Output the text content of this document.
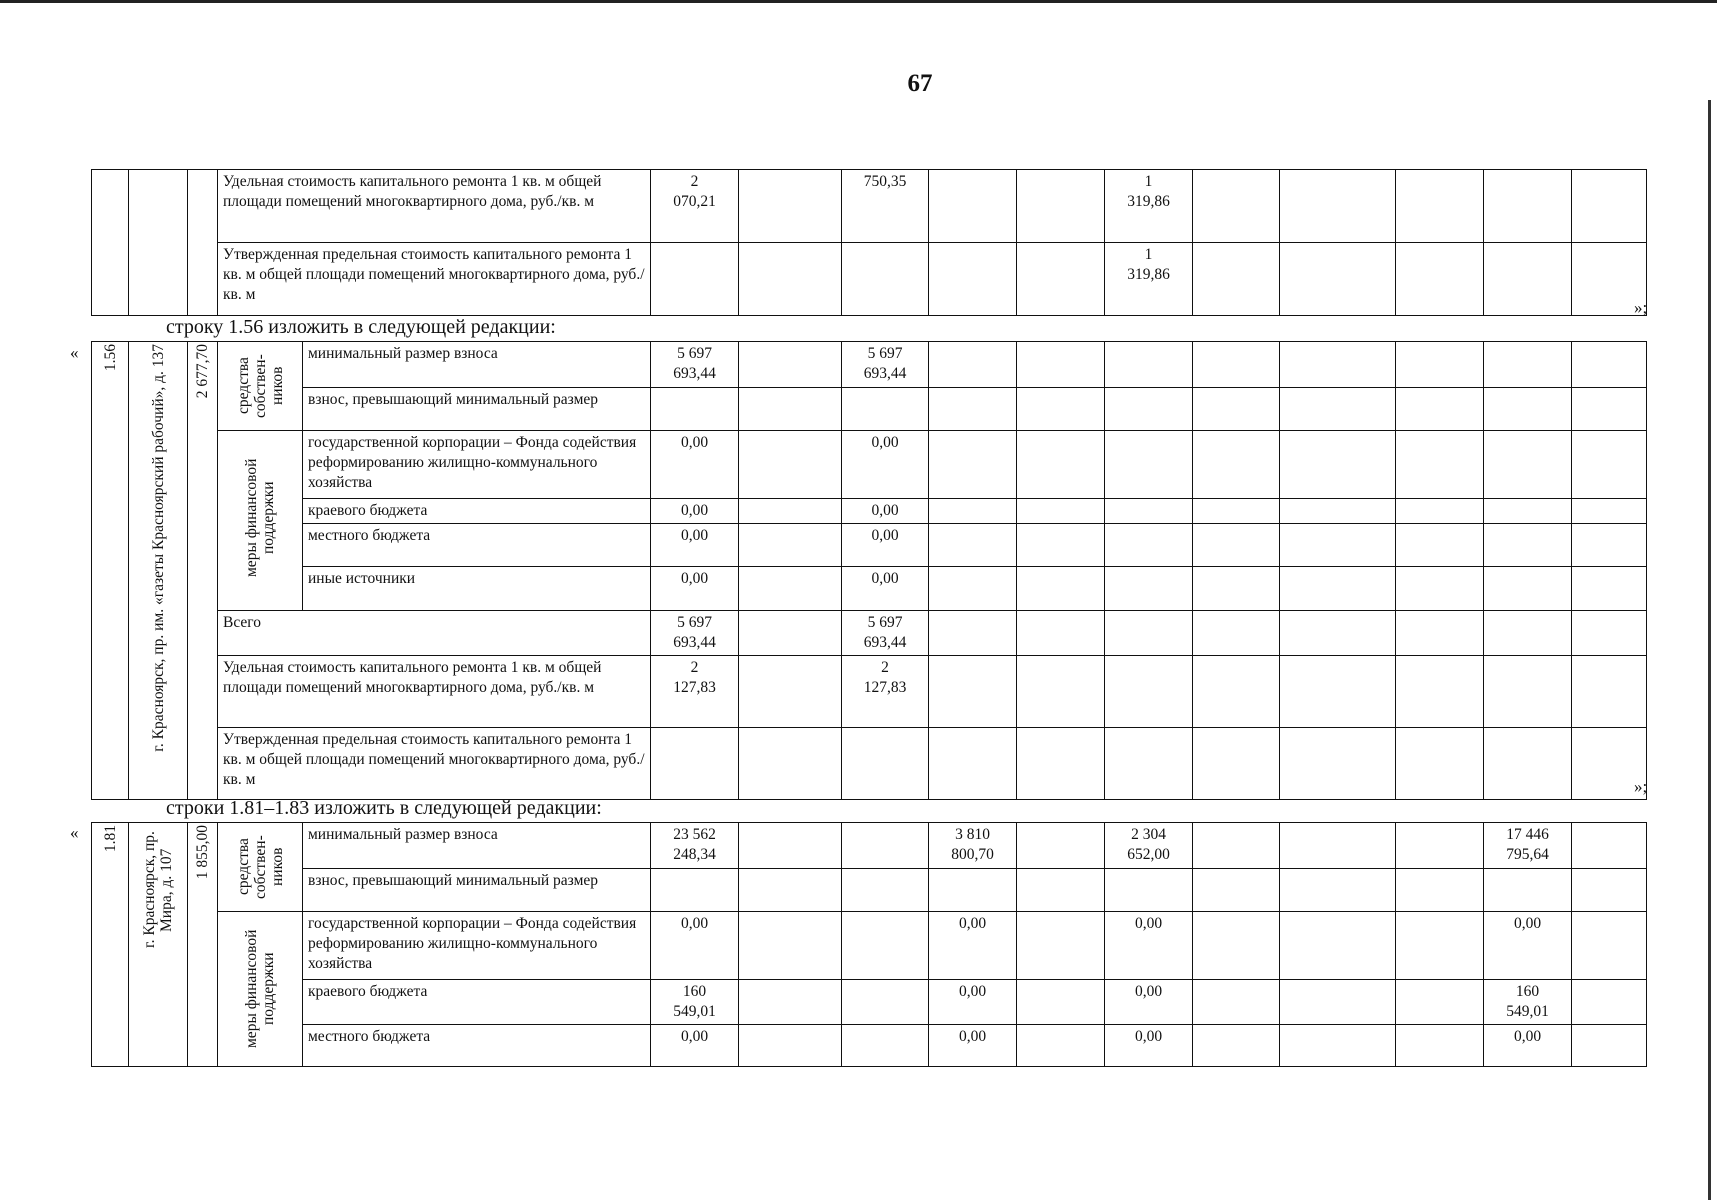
67
			Удельная стоимость капитального ремонта 1 кв. м общей площади помещений многоквартирного дома, руб./кв. м	2
070,21		750,35			1
319,86					
			Утвержденная предельная стоимость капитального ремонта 1 кв. м общей площади помещений многоквартирного дома, руб./кв. м						1
319,86					
»;
строку 1.56 изложить в следующей редакции:
« 1.56	г. Красноярск, пр. им. «газеты Красноярский рабочий», д. 137	2 677,70	средства собствен-ников	минимальный размер взноса	5 697
693,44		5 697
693,44								
				взнос, превышающий минимальный размер											

			меры финансовой поддержки	государственной корпорации – Фонда содействия реформированию жилищно-коммунального хозяйства	0,00		0,00								
				краевого бюджета	0,00		0,00								
				местного бюджета	0,00		0,00								
				иные источники	0,00		0,00								
			Всего		5 697
693,44		5 697
693,44								
			Удельная стоимость капитального ремонта 1 кв. м общей площади помещений многоквартирного дома, руб./кв. м		2
127,83		2
127,83								
			Утвержденная предельная стоимость капитального ремонта 1 кв. м общей площади помещений многоквартирного дома, руб./кв. м													»;
строки 1.81–1.83 изложить в следующей редакции:
« 1.81	г. Красноярск, пр. Мира, д. 107	1 855,00	средства собствен-ников	минимальный размер взноса	23 562
248,34			3 810
800,70		2 304
652,00				17 446
795,64	
				взнос, превышающий минимальный размер											

			меры финансовой поддержки	государственной корпорации – Фонда содействия реформированию жилищно-коммунального хозяйства	0,00			0,00		0,00				0,00	
				краевого бюджета	160
549,01			0,00		0,00				160
549,01	
				местного бюджета	0,00			0,00		0,00				0,00	
